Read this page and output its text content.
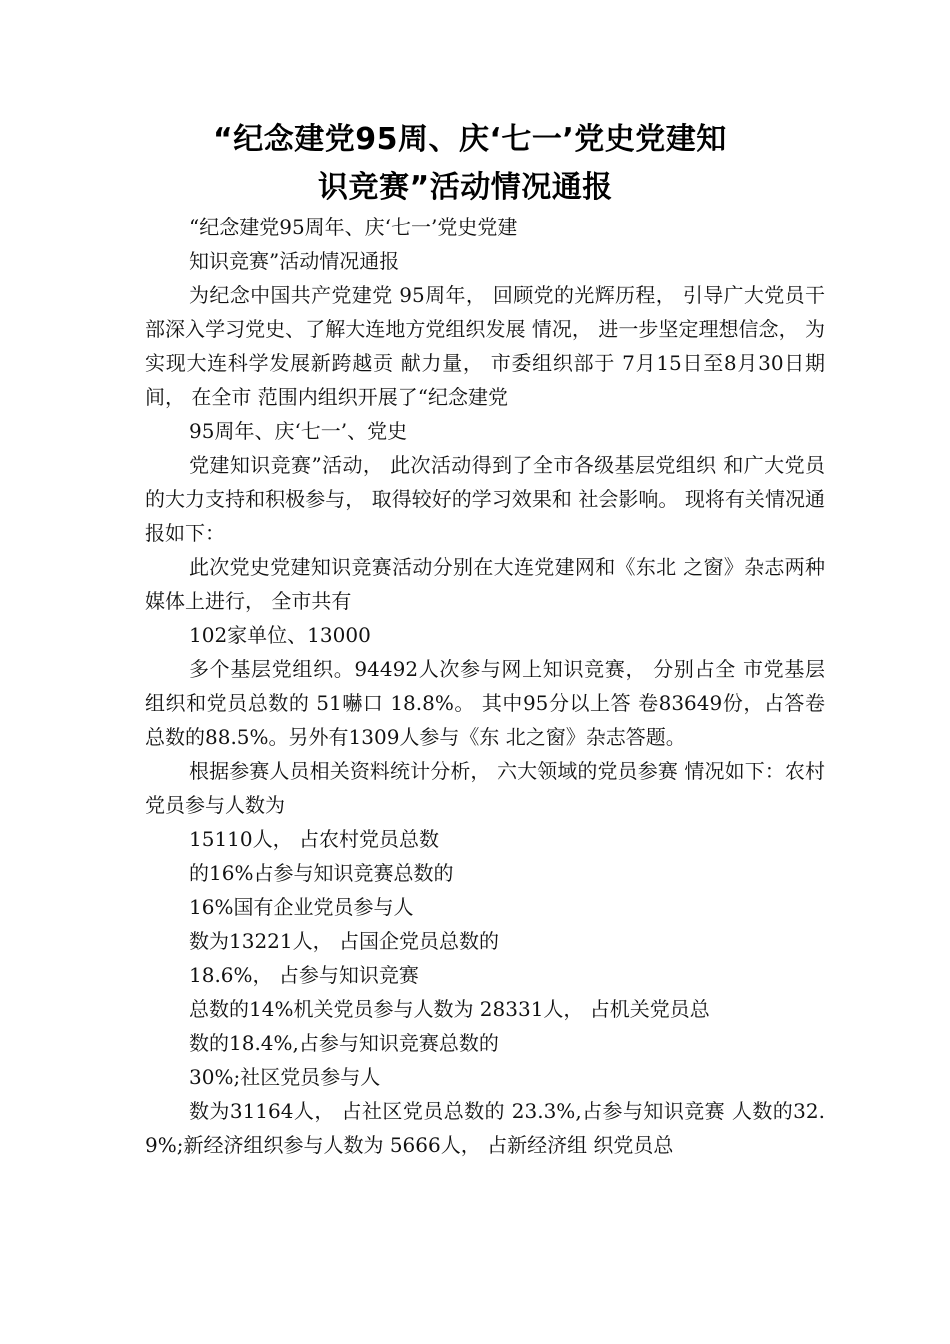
“纪念建党95周、庆‘七一’党史党建知
识竞赛”活动情况通报

“纪念建党95周年、庆‘七一’党史党建

知识竞赛”活动情况通报

为纪念中国共产党建党 95周年， 回顾党的光辉历程， 引导广大党员干部深入学习党史、了解大连地方党组织发展 情况， 进一步坚定理想信念， 为实现大连科学发展新跨越贡 献力量， 市委组织部于 7月15日至8月30日期间， 在全市 范围内组织开展了“纪念建党

95周年、庆‘七一’、党史

党建知识竞赛”活动， 此次活动得到了全市各级基层党组织 和广大党员的大力支持和积极参与， 取得较好的学习效果和 社会影响。 现将有关情况通报如下：

此次党史党建知识竞赛活动分别在大连党建网和《东北 之窗》杂志两种媒体上进行， 全市共有

102家单位、13000

多个基层党组织。94492人次参与网上知识竞赛， 分别占全 市党基层组织和党员总数的 51嚇口 18.8%。 其中95分以上答 卷83649份，占答卷总数的88.5%。另外有1309人参与《东 北之窗》杂志答题。

根据参赛人员相关资料统计分析， 六大领域的党员参赛 情况如下：农村党员参与人数为

15110人， 占农村党员总数

的16%占参与知识竞赛总数的

16%国有企业党员参与人

数为13221人， 占国企党员总数的

18.6%， 占参与知识竞赛

总数的14%机关党员参与人数为 28331人， 占机关党员总

数的18.4%,占参与知识竞赛总数的

30%;社区党员参与人

数为31164人， 占社区党员总数的 23.3%,占参与知识竞赛 人数的32.9%;新经济组织参与人数为 5666人， 占新经济组 织党员总
